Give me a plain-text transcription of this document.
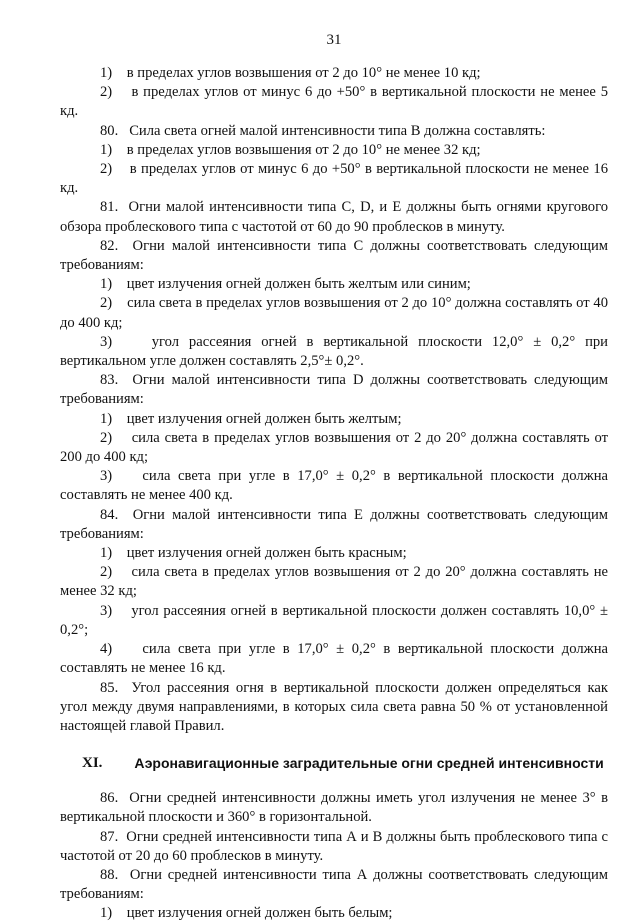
31

1)    в пределах углов возвышения от 2 до 10° не менее 10 кд;

2)    в пределах углов от минус 6 до +50° в вертикальной плоскости не менее 5 кд.

80.   Сила света огней малой интенсивности типа В должна составлять:

1)    в пределах углов возвышения от 2 до 10° не менее 32 кд;

2)    в пределах углов от минус 6 до +50° в вертикальной плоскости не менее 16 кд.

81.  Огни малой интенсивности типа С, D, и Е должны быть огнями кругового обзора проблескового типа с частотой от 60 до 90 проблесков в минуту.

82.  Огни малой интенсивности типа С должны соответствовать следующим требованиям:

1)    цвет излучения огней должен быть желтым или синим;

2)    сила света в пределах углов возвышения от 2 до 10° должна составлять от 40 до 400 кд;

3)    угол рассеяния огней в вертикальной плоскости 12,0° ± 0,2° при вертикальном угле должен составлять 2,5°± 0,2°.

83.  Огни малой интенсивности типа D должны соответствовать следующим требованиям:

1)    цвет излучения огней должен быть желтым;

2)    сила света в пределах углов возвышения от 2 до 20° должна составлять от 200 до 400 кд;

3)    сила света при угле в 17,0° ± 0,2° в вертикальной плоскости должна составлять не менее 400 кд.

84.  Огни малой интенсивности типа Е должны соответствовать следующим требованиям:

1)    цвет излучения огней должен быть красным;

2)    сила света в пределах углов возвышения от 2 до 20° должна составлять не менее 32 кд;

3)    угол рассеяния огней в вертикальной плоскости должен составлять 10,0° ± 0,2°;

4)    сила света при угле в 17,0° ± 0,2° в вертикальной плоскости должна составлять не менее 16 кд.

85.  Угол рассеяния огня в вертикальной плоскости должен определяться как угол между двумя направлениями, в которых сила света равна 50 % от установленной настоящей главой Правил.

XI. Аэронавигационные заградительные огни средней интенсивности

86.  Огни средней интенсивности должны иметь угол излучения не менее 3° в вертикальной плоскости и 360° в горизонтальной.

87.  Огни средней интенсивности типа А и В должны быть проблескового типа с частотой от 20 до 60 проблесков в минуту.

88.  Огни средней интенсивности типа А должны соответствовать следующим требованиям:

1)    цвет излучения огней должен быть белым;
